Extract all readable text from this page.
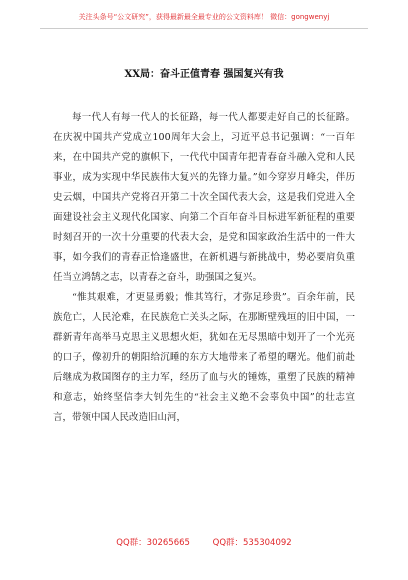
关注头条号“公文研究”，获得最新最全最专业的公文资料库！ 微信：gongwenyj
XX局：奋斗正值青春 强国复兴有我

每一代人有每一代人的长征路，每一代人都要走好自己的长征路。在庆祝中国共产党成立100周年大会上，习近平总书记强调：“一百年来，在中国共产党的旗帜下，一代代中国青年把青春奋斗融入党和人民事业，成为实现中华民族伟大复兴的先锋力量。”如今穿岁月峰尖，伴历史云烟，中国共产党将召开第二十次全国代表大会，这是我们党进入全面建设社会主义现代化国家、向第二个百年奋斗目标进军新征程的重要时刻召开的一次十分重要的代表大会，是党和国家政治生活中的一件大事，如今我们的青春正恰逢盛世，在新机遇与新挑战中，势必要肩负重任当立鸿鹄之志，以青春之奋斗，助强国之复兴。

“惟其艰难，才更显勇毅；惟其笃行，才弥足珍贵”。百余年前，民族危亡，人民沦难，在民族危亡关头之际，在那断壁残垣的旧中国，一群新青年高举马克思主义思想火炬，犹如在无尽黑暗中划开了一个光亮的口子，像初升的朝阳给沉睡的东方大地带来了希望的曙光。他们前赴后继成为救国图存的主力军，经历了血与火的锤炼，重塑了民族的精神和意志，始终坚信李大钊先生的“社会主义绝不会辜负中国”的壮志宣言，带领中国人民改造旧山河，

QQ群：30265665	QQ群：535304092
